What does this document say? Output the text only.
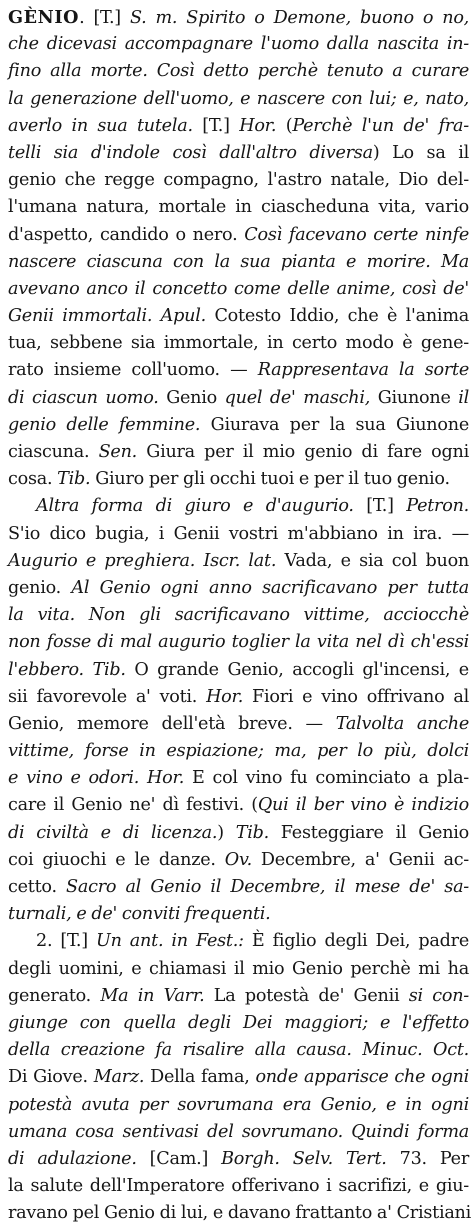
GÈNIO. [T.] S. m. Spirito o Demone, buono o no,
che dicevasi accompagnare l'uomo dalla nascita in-
fino alla morte. Così detto perchè tenuto a curare
la generazione dell'uomo, e nascere con lui; e, nato,
averlo in sua tutela. [T.] Hor. (Perchè l'un de' fra-
telli sia d'indole così dall'altro diversa) Lo sa il
genio che regge compagno, l'astro natale, Dio del-
l'umana natura, mortale in ciascheduna vita, vario
d'aspetto, candido o nero. Così facevano certe ninfe
nascere ciascuna con la sua pianta e morire. Ma
avevano anco il concetto come delle anime, così de'
Genii immortali. Apul. Cotesto Iddio, che è l'anima
tua, sebbene sia immortale, in certo modo è gene-
rato insieme coll'uomo. — Rappresentava la sorte
di ciascun uomo. Genio quel de' maschi, Giunone il
genio delle femmine. Giurava per la sua Giunone
ciascuna. Sen. Giura per il mio genio di fare ogni
cosa. Tib. Giuro per gli occhi tuoi e per il tuo genio.
Altra forma di giuro e d'augurio. [T.] Petron.
S'io dico bugia, i Genii vostri m'abbiano in ira. —
Augurio e preghiera. Iscr. lat. Vada, e sia col buon
genio. Al Genio ogni anno sacrificavano per tutta
la vita. Non gli sacrificavano vittime, acciocchè
non fosse di mal augurio toglier la vita nel dì ch'essi
l'ebbero. Tib. O grande Genio, accogli gl'incensi, e
sii favorevole a' voti. Hor. Fiori e vino offrivano al
Genio, memore dell'età breve. — Talvolta anche
vittime, forse in espiazione; ma, per lo più, dolci
e vino e odori. Hor. E col vino fu cominciato a pla-
care il Genio ne' dì festivi. (Qui il ber vino è indizio
di civiltà e di licenza.) Tib. Festeggiare il Genio
coi giuochi e le danze. Ov. Decembre, a' Genii ac-
cetto. Sacro al Genio il Decembre, il mese de' sa-
turnali, e de' conviti frequenti.
2. [T.] Un ant. in Fest.: È figlio degli Dei, padre
degli uomini, e chiamasi il mio Genio perchè mi ha
generato. Ma in Varr. La potestà de' Genii si con-
giunge con quella degli Dei maggiori; e l'effetto
della creazione fa risalire alla causa. Minuc. Oct.
Di Giove. Marz. Della fama, onde apparisce che ogni
potestà avuta per sovrumana era Genio, e in ogni
umana cosa sentivasi del sovrumano. Quindi forma
di adulazione. [Cam.] Borgh. Selv. Tert. 73. Per
la salute dell'Imperatore offerivano i sacrifizi, e giu-
ravano pel Genio di lui, e davano frattanto a' Cristiani
